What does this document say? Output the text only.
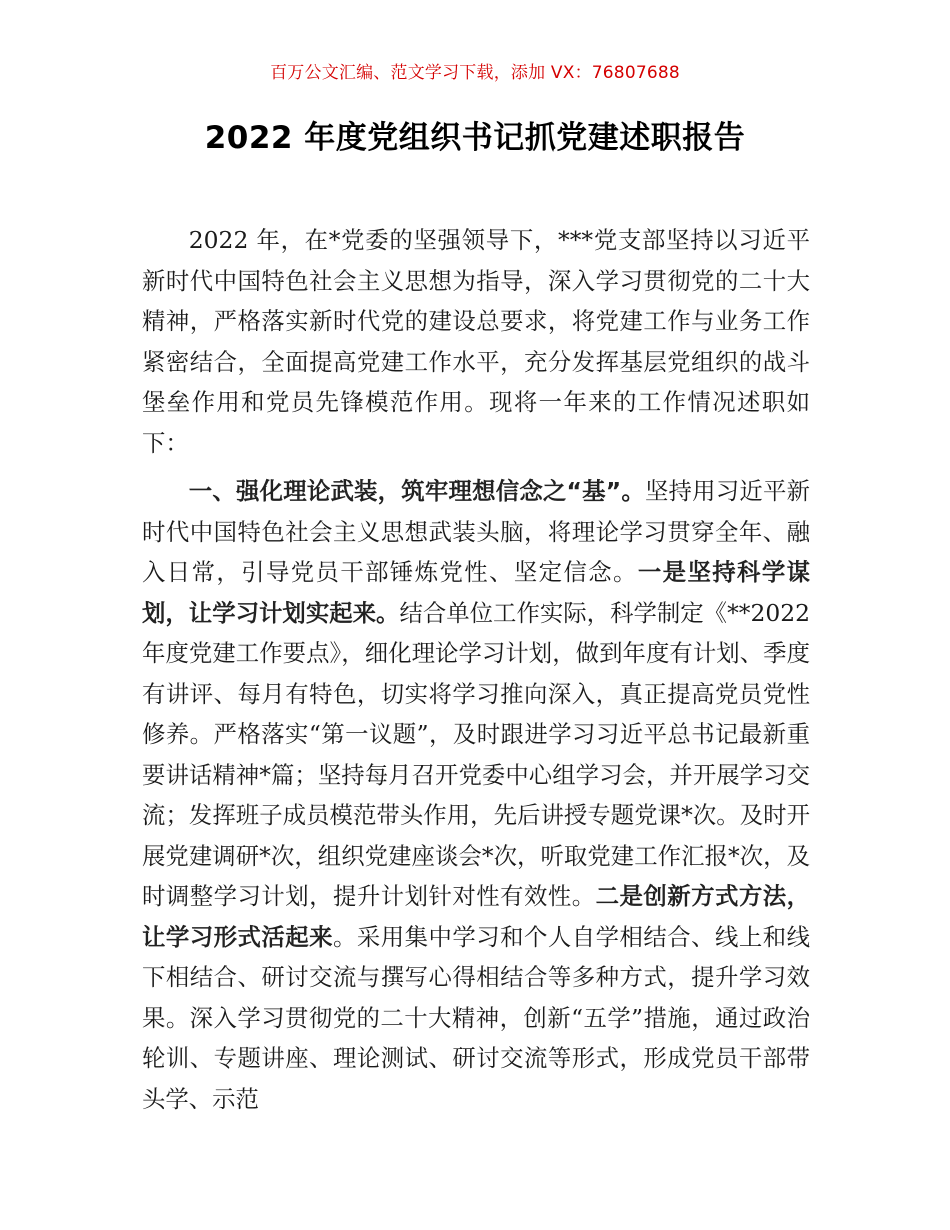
百万公文汇编、范文学习下载，添加 VX：76807688
2022 年度党组织书记抓党建述职报告

2022 年，在*党委的坚强领导下，***党支部坚持以习近平新时代中国特色社会主义思想为指导，深入学习贯彻党的二十大精神，严格落实新时代党的建设总要求，将党建工作与业务工作紧密结合，全面提高党建工作水平，充分发挥基层党组织的战斗堡垒作用和党员先锋模范作用。现将一年来的工作情况述职如下：

一、强化理论武装，筑牢理想信念之“基”。坚持用习近平新时代中国特色社会主义思想武装头脑，将理论学习贯穿全年、融入日常，引导党员干部锤炼党性、坚定信念。一是坚持科学谋划，让学习计划实起来。结合单位工作实际，科学制定《**2022 年度党建工作要点》，细化理论学习计划，做到年度有计划、季度有讲评、每月有特色，切实将学习推向深入，真正提高党员党性修养。严格落实“第一议题”，及时跟进学习习近平总书记最新重要讲话精神*篇；坚持每月召开党委中心组学习会，并开展学习交流；发挥班子成员模范带头作用，先后讲授专题党课*次。及时开展党建调研*次，组织党建座谈会*次，听取党建工作汇报*次，及时调整学习计划，提升计划针对性有效性。二是创新方式方法，让学习形式活起来。采用集中学习和个人自学相结合、线上和线下相结合、研讨交流与撰写心得相结合等多种方式，提升学习效果。深入学习贯彻党的二十大精神，创新“五学”措施，通过政治轮训、专题讲座、理论测试、研讨交流等形式，形成党员干部带头学、示范
